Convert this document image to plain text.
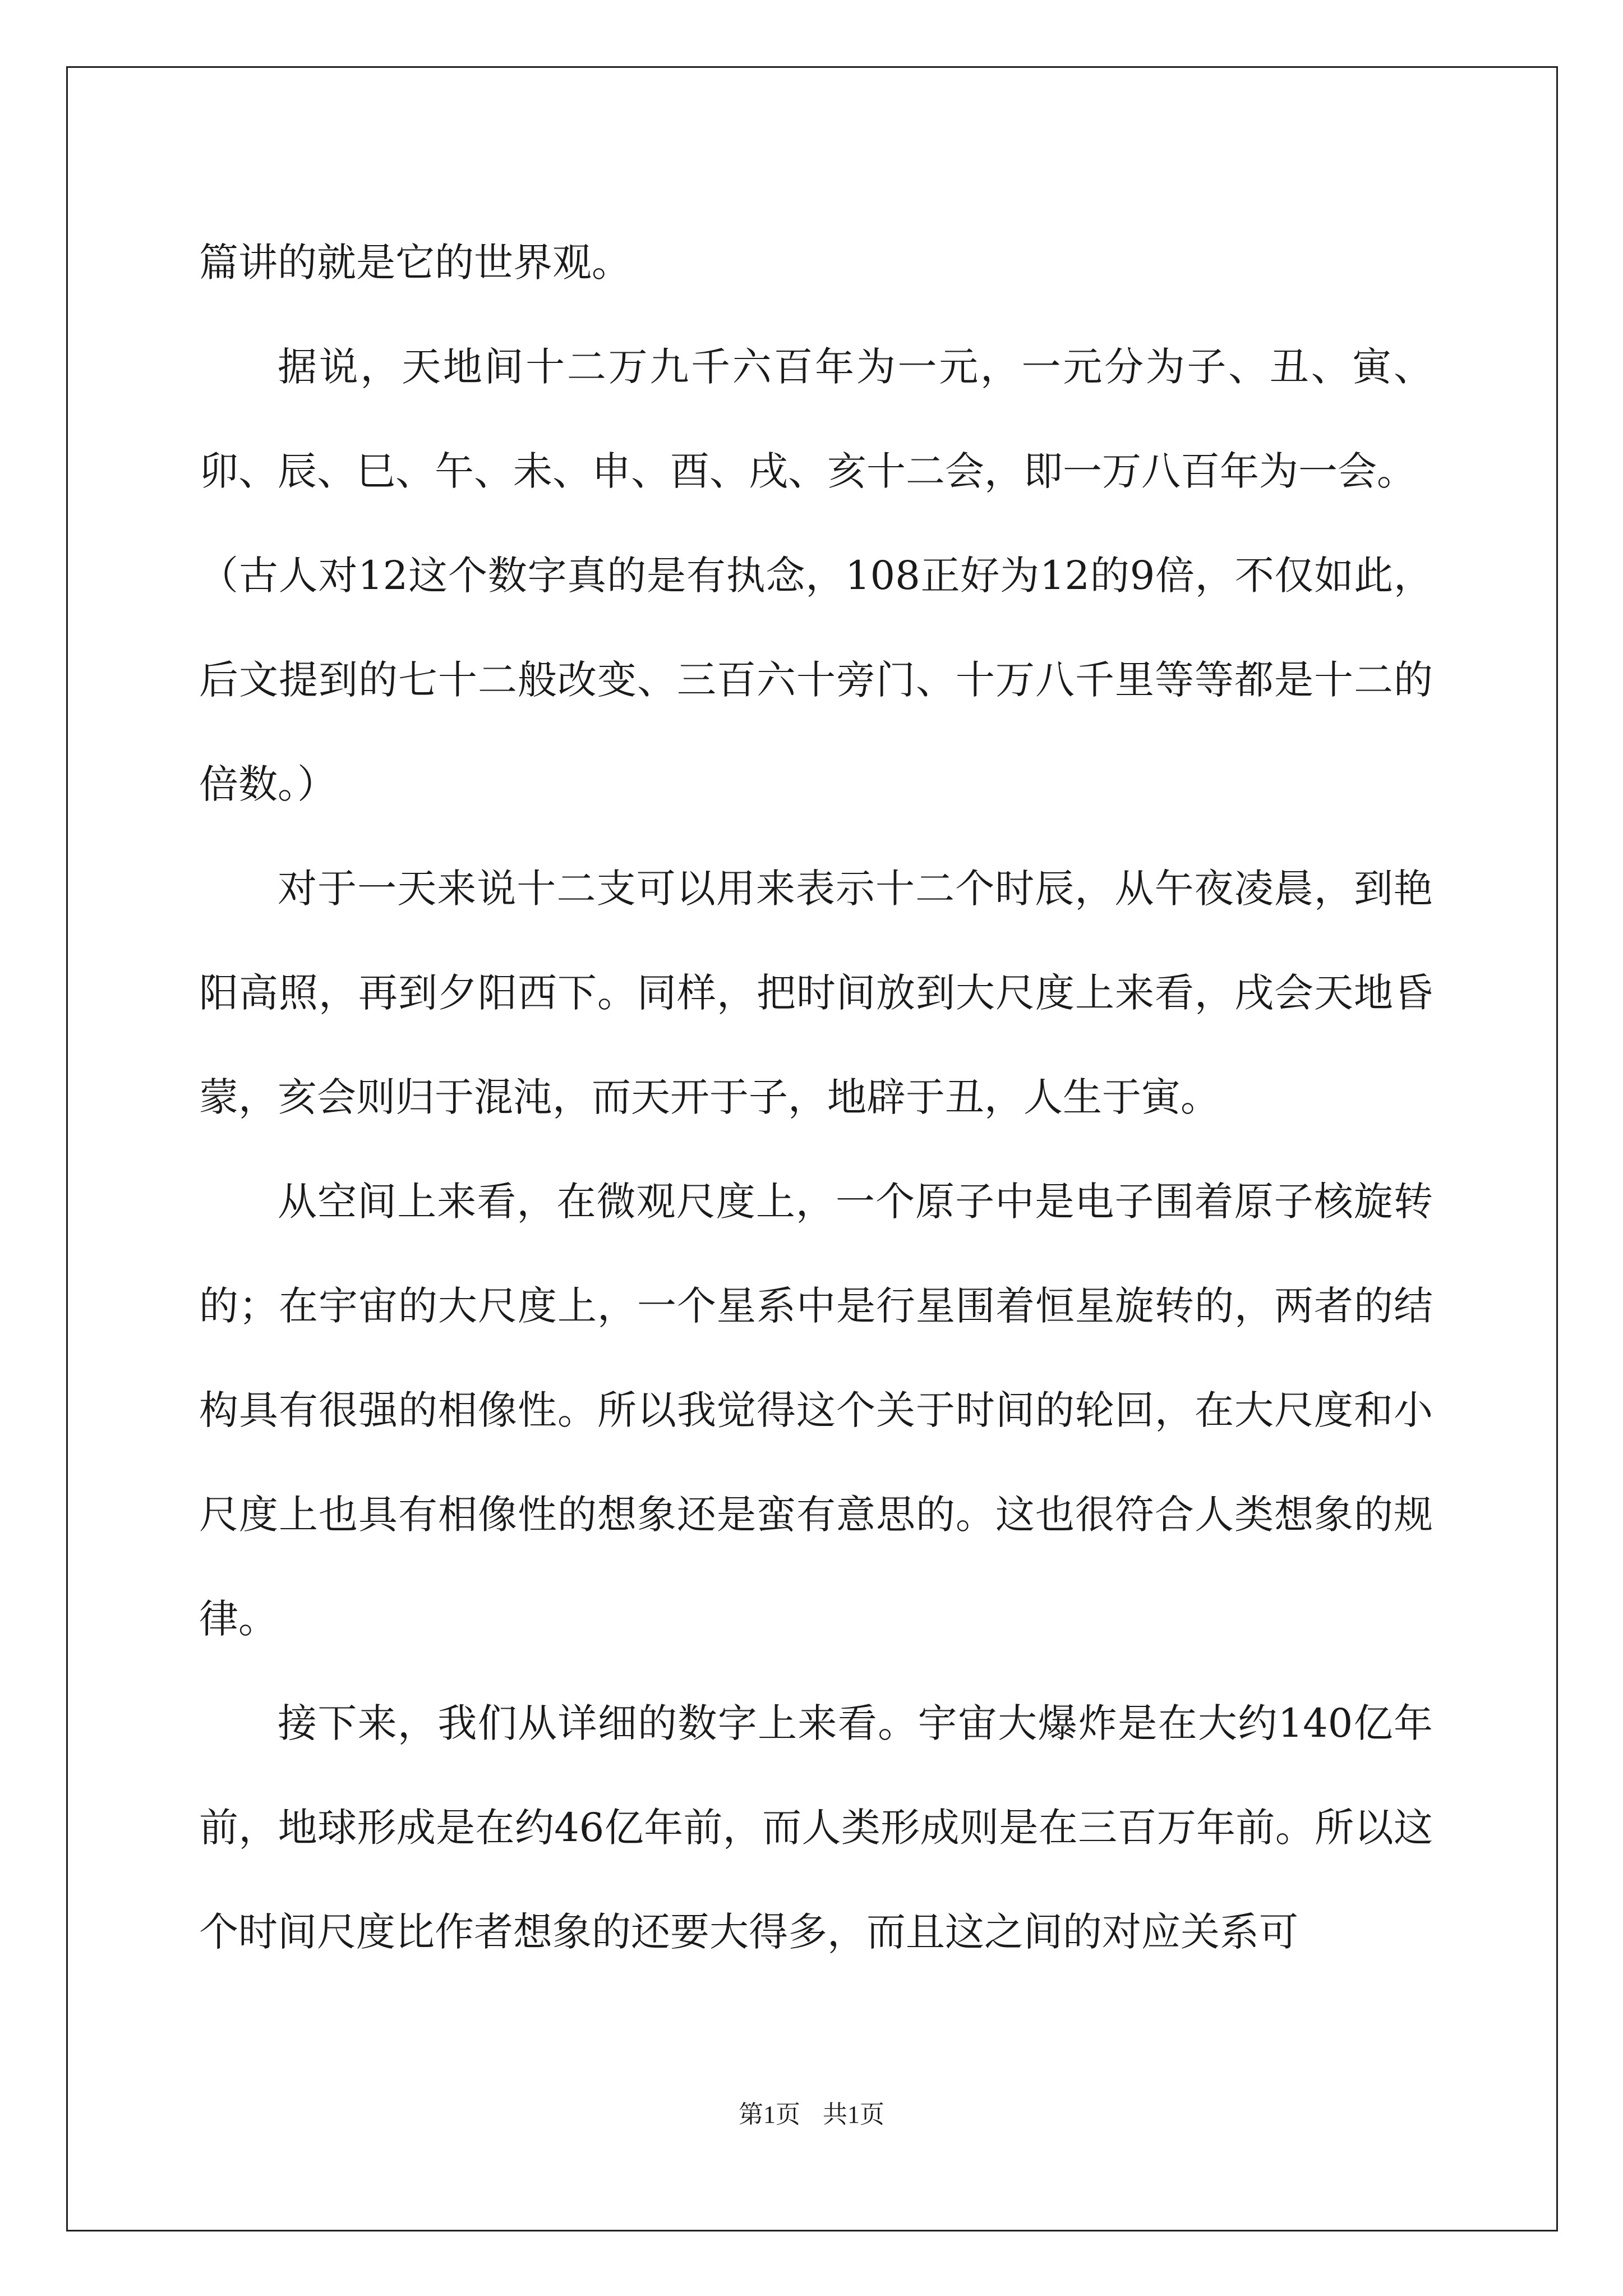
篇讲的就是它的世界观。

据说，天地间十二万九千六百年为一元，一元分为子、丑、寅、卯、辰、巳、午、未、申、酉、戌、亥十二会，即一万八百年为一会。

（古人对12这个数字真的是有执念，108正好为12的9倍，不仅如此，后文提到的七十二般改变、三百六十旁门、十万八千里等等都是十二的倍数。）

对于一天来说十二支可以用来表示十二个时辰，从午夜凌晨，到艳阳高照，再到夕阳西下。同样，把时间放到大尺度上来看，戌会天地昏蒙，亥会则归于混沌，而天开于子，地辟于丑，人生于寅。

从空间上来看，在微观尺度上，一个原子中是电子围着原子核旋转的；在宇宙的大尺度上，一个星系中是行星围着恒星旋转的，两者的结构具有很强的相像性。所以我觉得这个关于时间的轮回，在大尺度和小尺度上也具有相像性的想象还是蛮有意思的。这也很符合人类想象的规律。

接下来，我们从详细的数字上来看。宇宙大爆炸是在大约140亿年前，地球形成是在约46亿年前，而人类形成则是在三百万年前。所以这个时间尺度比作者想象的还要大得多，而且这之间的对应关系可

第1页 共1页
